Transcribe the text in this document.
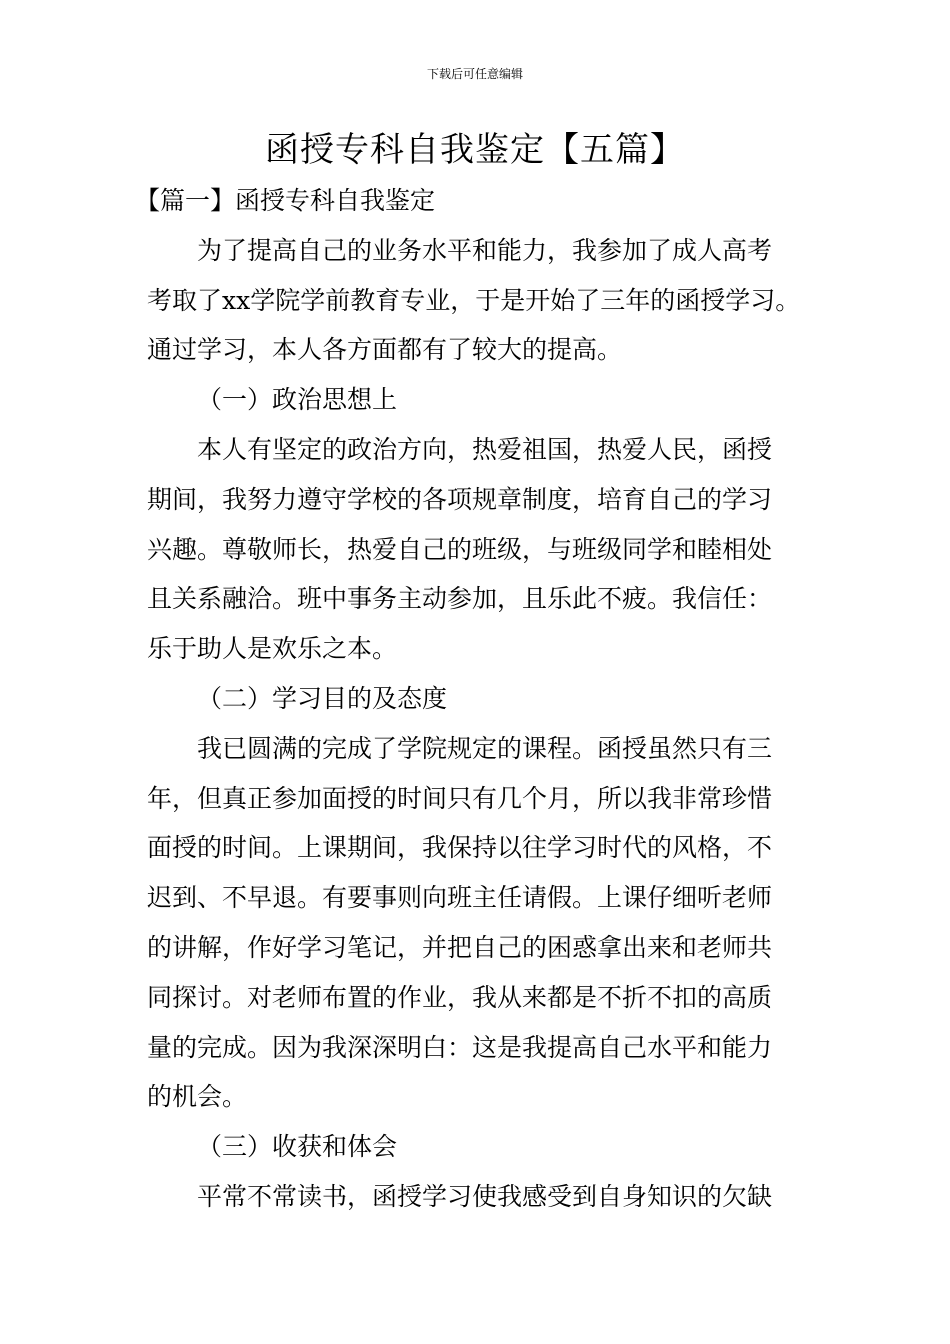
下载后可任意编辑
函授专科自我鉴定【五篇】
【篇一】函授专科自我鉴定
为了提高自己的业务水平和能力，我参加了成人高考
考取了xx学院学前教育专业，于是开始了三年的函授学习。
通过学习，本人各方面都有了较大的提高。
（一）政治思想上
本人有坚定的政治方向，热爱祖国，热爱人民，函授
期间，我努力遵守学校的各项规章制度，培育自己的学习
兴趣。尊敬师长，热爱自己的班级，与班级同学和睦相处
且关系融洽。班中事务主动参加，且乐此不疲。我信任：
乐于助人是欢乐之本。
（二）学习目的及态度
我已圆满的完成了学院规定的课程。函授虽然只有三
年，但真正参加面授的时间只有几个月，所以我非常珍惜
面授的时间。上课期间，我保持以往学习时代的风格，不
迟到、不早退。有要事则向班主任请假。上课仔细听老师
的讲解，作好学习笔记，并把自己的困惑拿出来和老师共
同探讨。对老师布置的作业，我从来都是不折不扣的高质
量的完成。因为我深深明白：这是我提高自己水平和能力
的机会。
（三）收获和体会
平常不常读书，函授学习使我感受到自身知识的欠缺
